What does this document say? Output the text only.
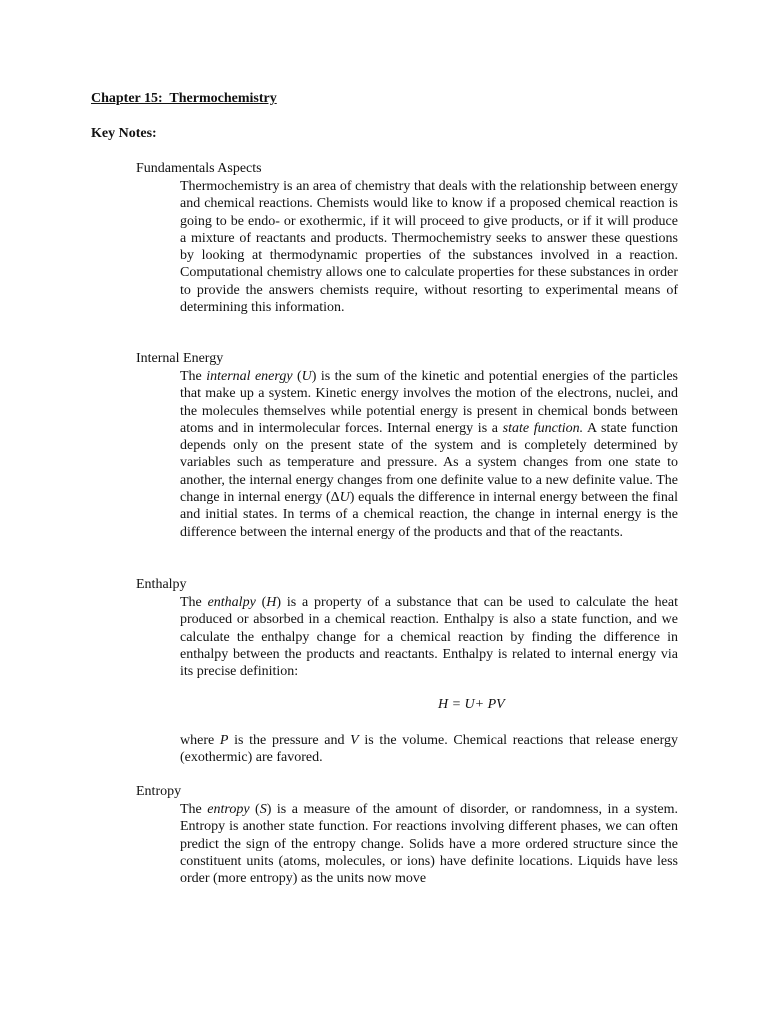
Chapter 15:  Thermochemistry
Key Notes:
Fundamentals Aspects
Thermochemistry is an area of chemistry that deals with the relationship between energy and chemical reactions. Chemists would like to know if a proposed chemical reaction is going to be endo- or exothermic, if it will proceed to give products, or if it will produce a mixture of reactants and products. Thermochemistry seeks to answer these questions by looking at thermodynamic properties of the substances involved in a reaction. Computational chemistry allows one to calculate properties for these substances in order to provide the answers chemists require, without resorting to experimental means of determining this information.
Internal Energy
The internal energy (U) is the sum of the kinetic and potential energies of the particles that make up a system. Kinetic energy involves the motion of the electrons, nuclei, and the molecules themselves while potential energy is present in chemical bonds between atoms and in intermolecular forces. Internal energy is a state function. A state function depends only on the present state of the system and is completely determined by variables such as temperature and pressure. As a system changes from one state to another, the internal energy changes from one definite value to a new definite value. The change in internal energy (ΔU) equals the difference in internal energy between the final and initial states. In terms of a chemical reaction, the change in internal energy is the difference between the internal energy of the products and that of the reactants.
Enthalpy
The enthalpy (H) is a property of a substance that can be used to calculate the heat produced or absorbed in a chemical reaction. Enthalpy is also a state function, and we calculate the enthalpy change for a chemical reaction by finding the difference in enthalpy between the products and reactants. Enthalpy is related to internal energy via its precise definition:
H = U+ PV
where P is the pressure and V is the volume. Chemical reactions that release energy (exothermic) are favored.
Entropy
The entropy (S) is a measure of the amount of disorder, or randomness, in a system. Entropy is another state function. For reactions involving different phases, we can often predict the sign of the entropy change. Solids have a more ordered structure since the constituent units (atoms, molecules, or ions) have definite locations. Liquids have less order (more entropy) as the units now move
